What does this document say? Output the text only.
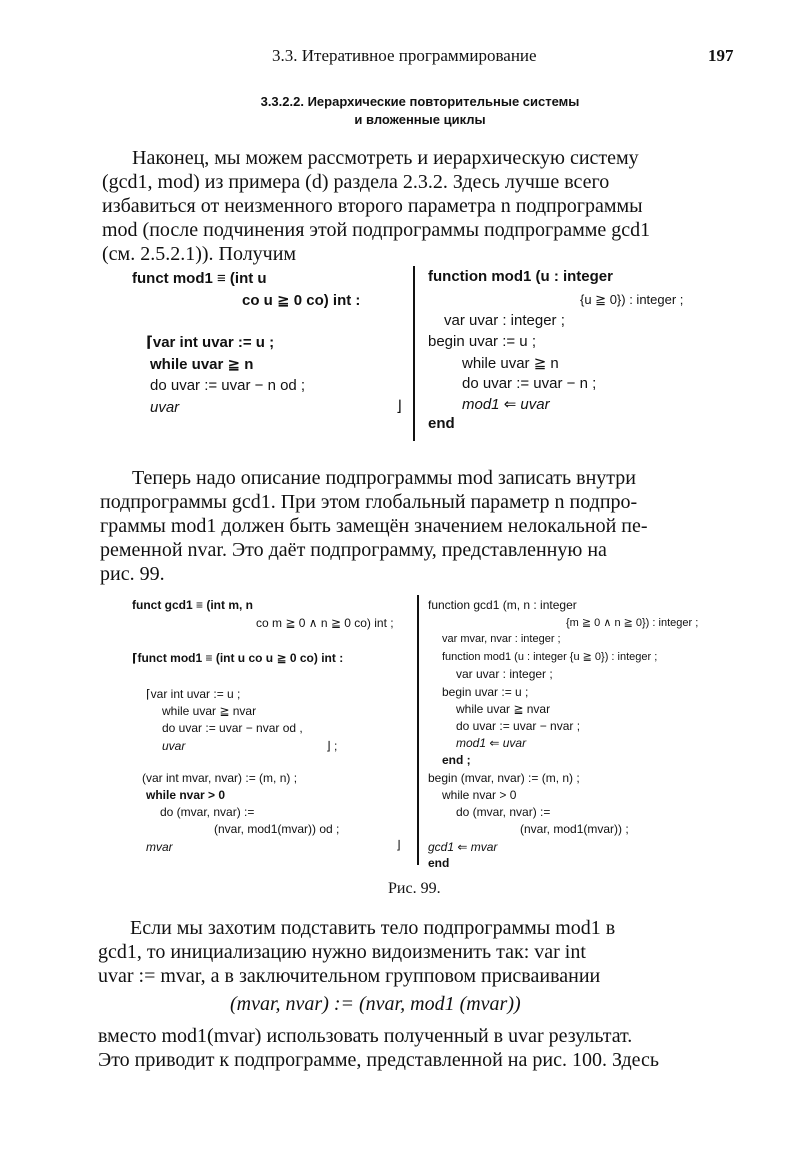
3.3. Итеративное программирование	197
3.3.2.2. Иерархические повторительные системы
и вложенные циклы
Наконец, мы можем рассмотреть и иерархическую систему
(gcd1, mod) из примера (d) раздела 2.3.2. Здесь лучше всего
избавиться от неизменного второго параметра n подпрограммы
mod (после подчинения этой подпрограммы подпрограмме gcd1
(см. 2.5.2.1)). Получим
funct mod1 ≡ (int u
co u ≧ 0 co) int :
⌈var int uvar := u ;
while uvar ≧ n
do uvar := uvar − n od ;
uvar	⌋
function mod1 (u : integer
{u ≧ 0}) : integer ;
var uvar : integer ;
begin uvar := u ;
while uvar ≧ n
do uvar := uvar − n ;
mod1 ⇐ uvar
end
Теперь надо описание подпрограммы mod записать внутри
подпрограммы gcd1. При этом глобальный параметр n подпро-
граммы mod1 должен быть замещён значением нелокальной пе-
ременной nvar. Это даёт подпрограмму, представленную на
рис. 99.
funct gcd1 ≡ (int m, n
co m ≧ 0 ∧ n ≧ 0 co) int ;
⌈funct mod1 ≡ (int u co u ≧ 0 co) int :
⌈var int uvar := u ;
while uvar ≧ nvar
do uvar := uvar − nvar od ,
uvar	⌋ ;
(var int mvar, nvar) := (m, n) ;
while nvar > 0
do (mvar, nvar) :=
(nvar, mod1(mvar)) od ;
mvar	⌋
function gcd1 (m, n : integer
{m ≧ 0 ∧ n ≧ 0}) : integer ;
var mvar, nvar : integer ;
function mod1 (u : integer {u ≧ 0}) : integer ;
var uvar : integer ;
begin uvar := u ;
while uvar ≧ nvar
do uvar := uvar − nvar ;
mod1 ⇐ uvar
end ;
begin (mvar, nvar) := (m, n) ;
while nvar > 0
do (mvar, nvar) :=
(nvar, mod1(mvar)) ;
gcd1 ⇐ mvar
end
Рис. 99.
Если мы захотим подставить тело подпрограммы mod1 в
gcd1, то инициализацию нужно видоизменить так: var int
uvar := mvar, а в заключительном групповом присваивании
(mvar, nvar) := (nvar, mod1 (mvar))
вместо mod1(mvar) использовать полученный в uvar результат.
Это приводит к подпрограмме, представленной на рис. 100. Здесь
